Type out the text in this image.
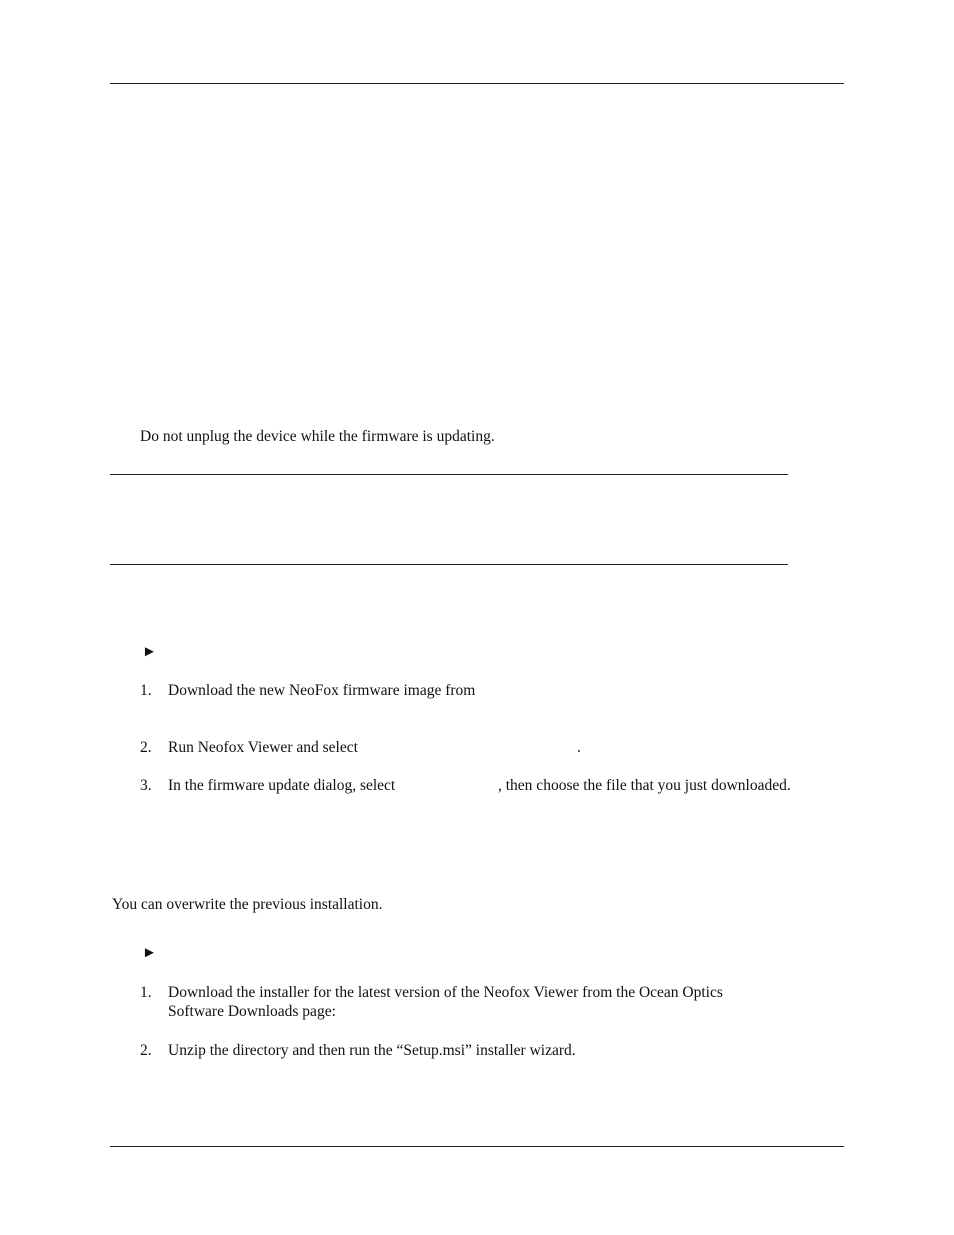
Do not unplug the device while the firmware is updating.
►
1. Download the new NeoFox firmware image from
2. Run Neofox Viewer and select	.
3. In the firmware update dialog, select	, then choose the file that you just downloaded.
You can overwrite the previous installation.
►
1. Download the installer for the latest version of the Neofox Viewer from the Ocean Optics
Software Downloads page:
2. Unzip the directory and then run the “Setup.msi” installer wizard.
